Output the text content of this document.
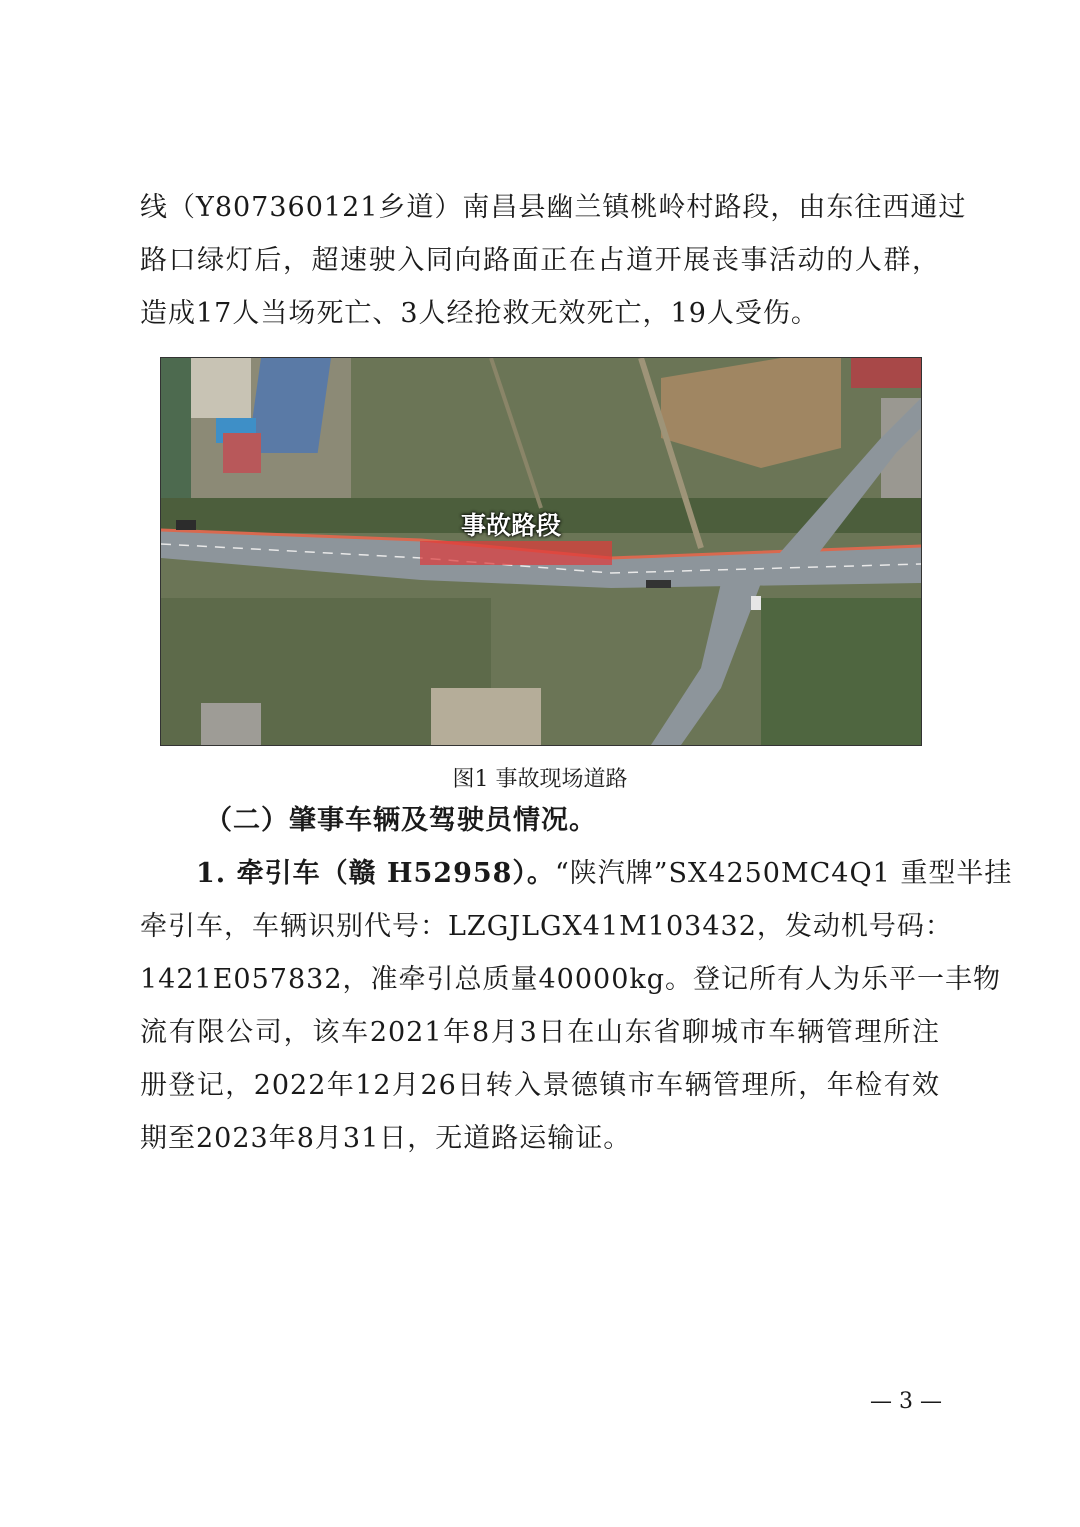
线（Y807360121乡道）南昌县幽兰镇桃岭村路段，由东往西通过
路口绿灯后，超速驶入同向路面正在占道开展丧事活动的人群，
造成17人当场死亡、3人经抢救无效死亡，19人受伤。
事故路段
图1 事故现场道路
（二）肇事车辆及驾驶员情况。
1. 牵引车（赣 H52958）。“陕汽牌”SX4250MC4Q1 重型半挂
牵引车，车辆识别代号：LZGJLGX41M103432，发动机号码：
1421E057832，准牵引总质量40000kg。登记所有人为乐平一丰物
流有限公司，该车2021年8月3日在山东省聊城市车辆管理所注
册登记，2022年12月26日转入景德镇市车辆管理所，年检有效
期至2023年8月31日，无道路运输证。
— 3 —
